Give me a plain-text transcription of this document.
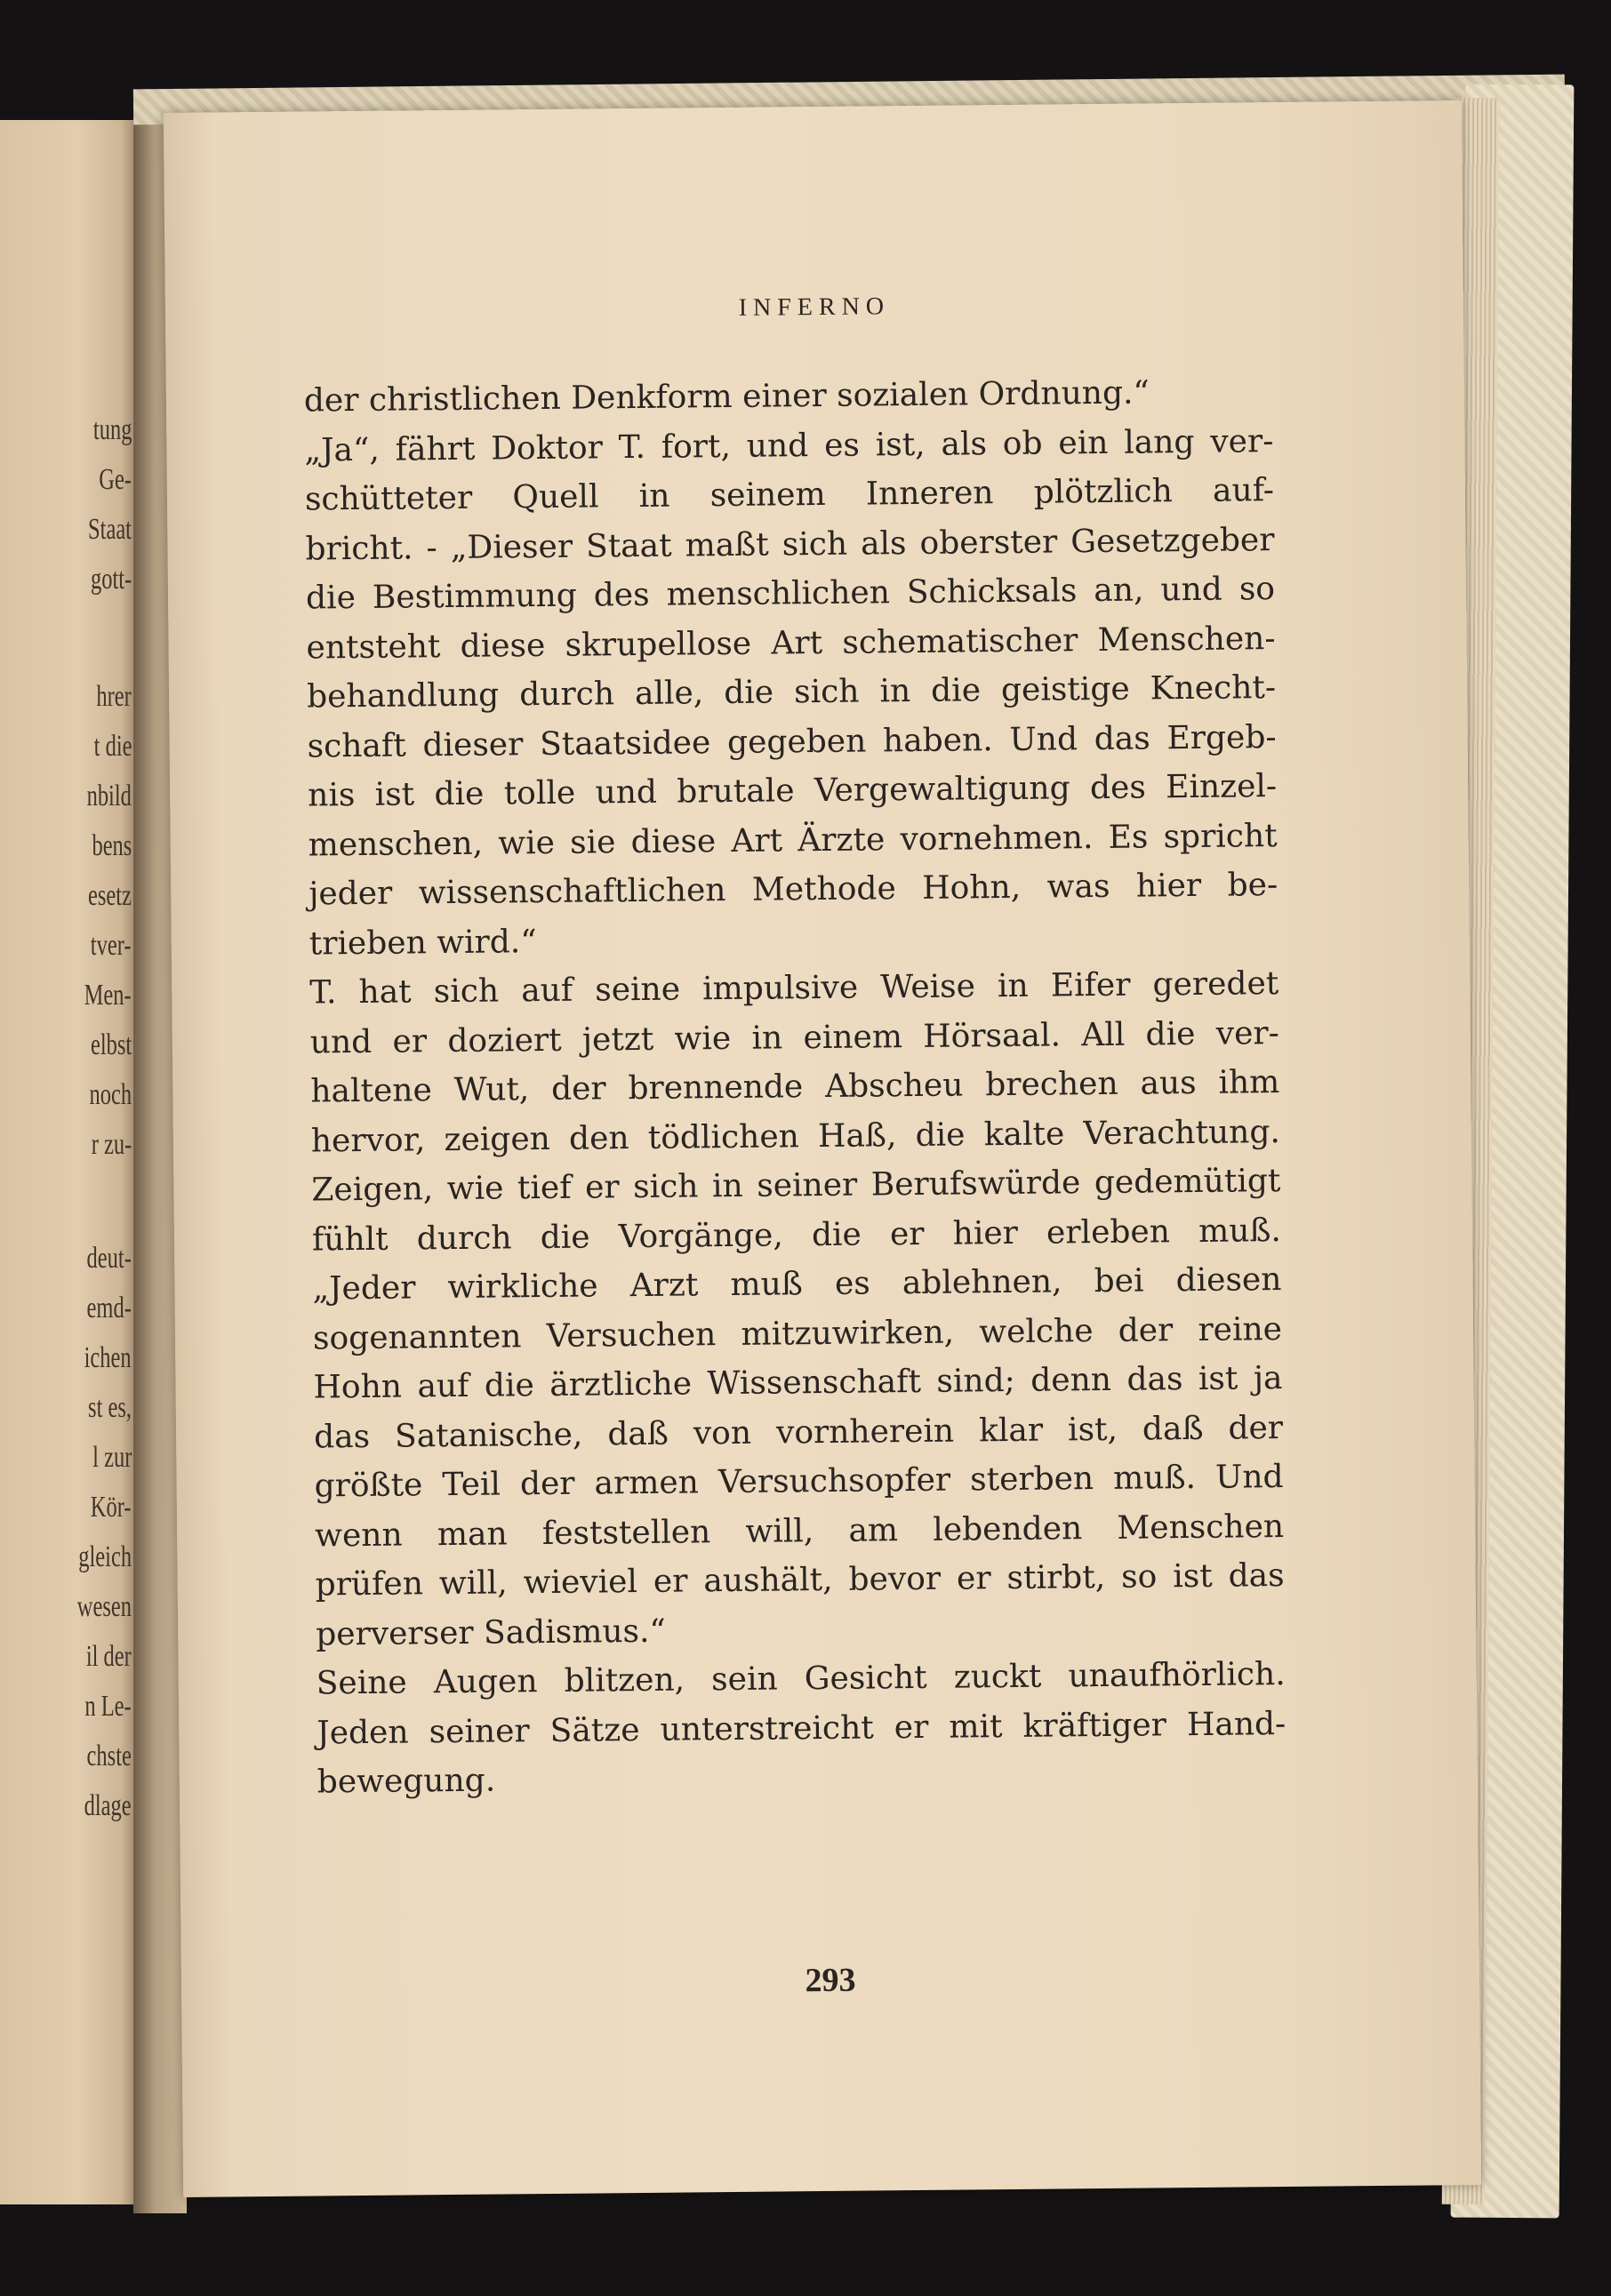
tung
Ge-
Staat
gott-
hrer
t die
nbild
bens
esetz
tver-
Men-
elbst
noch
r zu-
deut-
emd-
ichen
st es,
l zur
Kör-
gleich
wesen
il der
n Le-
chste
dlage
INFERNO
der christlichen Denkform einer sozialen Ordnung.“
„Ja“, fährt Doktor T. fort, und es ist, als ob ein lang ver-
schütteter Quell in seinem Inneren plötzlich auf-
bricht. - „Dieser Staat maßt sich als oberster Gesetzgeber
die Bestimmung des menschlichen Schicksals an, und so
entsteht diese skrupellose Art schematischer Menschen-
behandlung durch alle, die sich in die geistige Knecht-
schaft dieser Staatsidee gegeben haben. Und das Ergeb-
nis ist die tolle und brutale Vergewaltigung des Einzel-
menschen, wie sie diese Art Ärzte vornehmen. Es spricht
jeder wissenschaftlichen Methode Hohn, was hier be-
trieben wird.“
T. hat sich auf seine impulsive Weise in Eifer geredet
und er doziert jetzt wie in einem Hörsaal. All die ver-
haltene Wut, der brennende Abscheu brechen aus ihm
hervor, zeigen den tödlichen Haß, die kalte Verachtung.
Zeigen, wie tief er sich in seiner Berufswürde gedemütigt
fühlt durch die Vorgänge, die er hier erleben muß.
„Jeder wirkliche Arzt muß es ablehnen, bei diesen
sogenannten Versuchen mitzuwirken, welche der reine
Hohn auf die ärztliche Wissenschaft sind; denn das ist ja
das Satanische, daß von vornherein klar ist, daß der
größte Teil der armen Versuchsopfer sterben muß. Und
wenn man feststellen will, am lebenden Menschen
prüfen will, wieviel er aushält, bevor er stirbt, so ist das
perverser Sadismus.“
Seine Augen blitzen, sein Gesicht zuckt unaufhörlich.
Jeden seiner Sätze unterstreicht er mit kräftiger Hand-
bewegung.
293
